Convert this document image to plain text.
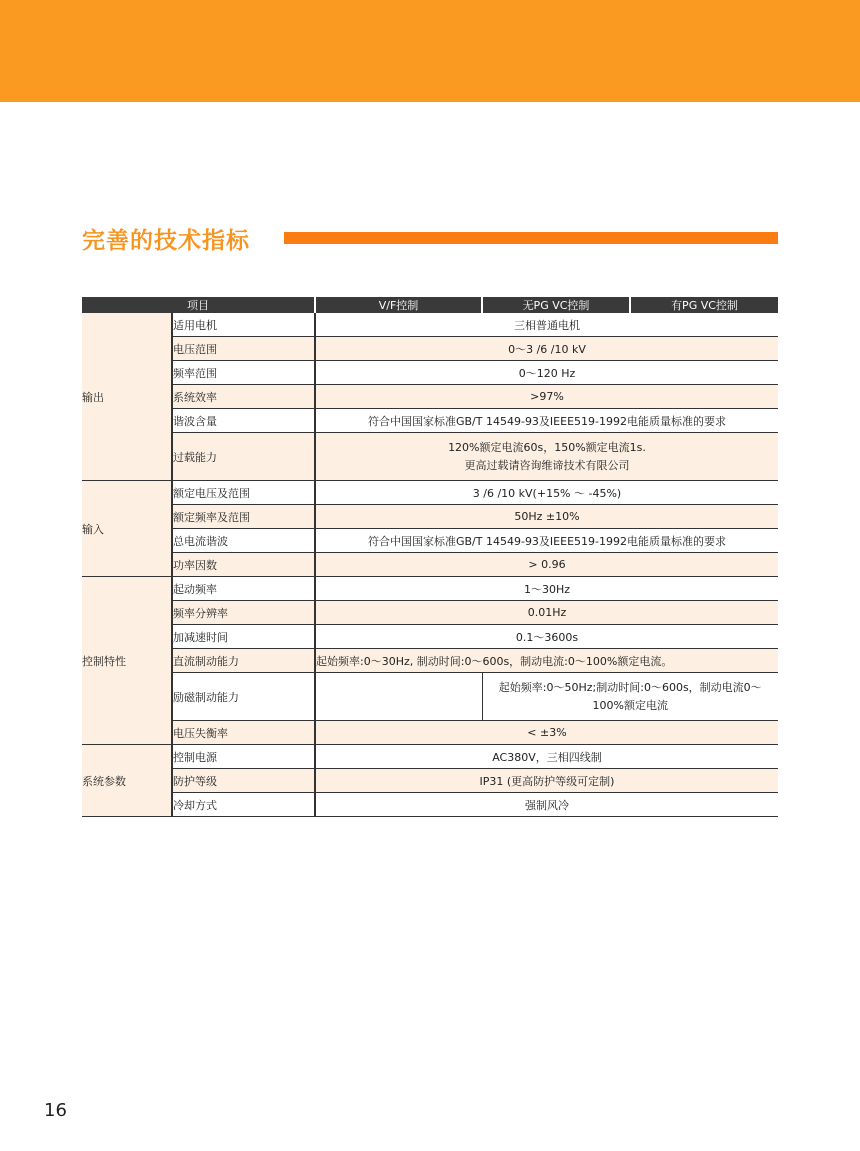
完善的技术指标
项目		V/F控制	无PG VC控制	有PG VC控制
输出	适用电机	三相普通电机		
	电压范围	0～3 /6 /10 kV		
	频率范围	0～120 Hz		
	系统效率	>97%		
	谐波含量	符合中国国家标准GB/T 14549-93及IEEE519-1992电能质量标准的要求		
	过载能力	120%额定电流60s，150%额定电流1s.
更高过载请咨询维谛技术有限公司		

输入	额定电压及范围	3 /6 /10 kV(+15% ～ -45%)		
	额定频率及范围	50Hz ±10%		
	总电流谐波	符合中国国家标准GB/T 14549-93及IEEE519-1992电能质量标准的要求		
	功率因数	> 0.96		
控制特性	起动频率	1～30Hz		
	频率分辨率	0.01Hz		
	加减速时间	0.1～3600s		
	直流制动能力	起始频率:0～30Hz, 制动时间:0～600s，制动电流:0～100%额定电流。		
	励磁制动能力		起始频率:0～50Hz;制动时间:0～600s，制动电流0～
100%额定电流	

	电压失衡率	< ±3%		
系统参数	控制电源	AC380V，三相四线制		
	防护等级	IP31 (更高防护等级可定制)		
	冷却方式	强制风冷		
16
